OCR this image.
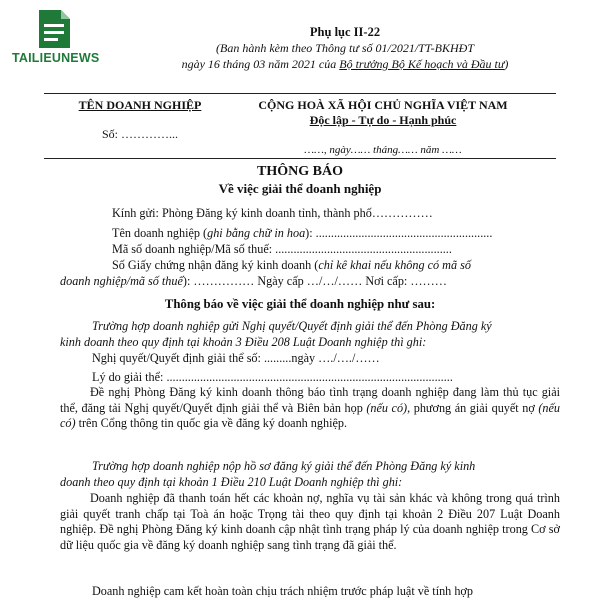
TAILIEUNEWS
Phụ lục II-22
(Ban hành kèm theo Thông tư số 01/2021/TT-BKHĐT
ngày 16 tháng 03 năm 2021 của Bộ trưởng Bộ Kế hoạch và Đầu tư)
TÊN DOANH NGHIỆP
Số: …………...
CỘNG HOÀ XÃ HỘI CHỦ NGHĨA VIỆT NAM
Độc lập - Tự do - Hạnh phúc
……, ngày…… tháng…… năm ……
THÔNG BÁO
Về việc giải thể doanh nghiệp
Kính gửi: Phòng Đăng ký kinh doanh tỉnh, thành phố……………
Tên doanh nghiệp (ghi bằng chữ in hoa): ..........................................................
Mã số doanh nghiệp/Mã số thuế: ..........................................................
Số Giấy chứng nhận đăng ký kinh doanh (chỉ kê khai nếu không có mã số
doanh nghiệp/mã số thuế): …………… Ngày cấp …/…/…… Nơi cấp: ………
Thông báo về việc giải thể doanh nghiệp như sau:
Trường hợp doanh nghiệp gửi Nghị quyết/Quyết định giải thể đến Phòng Đăng ký
kinh doanh theo quy định tại khoản 3 Điều 208 Luật Doanh nghiệp thì ghi:
Nghị quyết/Quyết định giải thể số: .........ngày …./…./……
Lý do giải thể: ..............................................................................................
Đề nghị Phòng Đăng ký kinh doanh thông báo tình trạng doanh nghiệp đang làm thủ tục giải thể, đăng tải Nghị quyết/Quyết định giải thể và Biên bản họp (nếu có), phương án giải quyết nợ (nếu có) trên Cổng thông tin quốc gia về đăng ký doanh nghiệp.
Trường hợp doanh nghiệp nộp hồ sơ đăng ký giải thể đến Phòng Đăng ký kinh
doanh theo quy định tại khoản 1 Điều 210 Luật Doanh nghiệp thì ghi:
Doanh nghiệp đã thanh toán hết các khoản nợ, nghĩa vụ tài sản khác và không trong quá trình giải quyết tranh chấp tại Toà án hoặc Trọng tài theo quy định tại khoản 2 Điều 207 Luật Doanh nghiệp. Đề nghị Phòng Đăng ký kinh doanh cập nhật tình trạng pháp lý của doanh nghiệp trong Cơ sở dữ liệu quốc gia về đăng ký doanh nghiệp sang tình trạng đã giải thể.
Doanh nghiệp cam kết hoàn toàn chịu trách nhiệm trước pháp luật về tính hợp
